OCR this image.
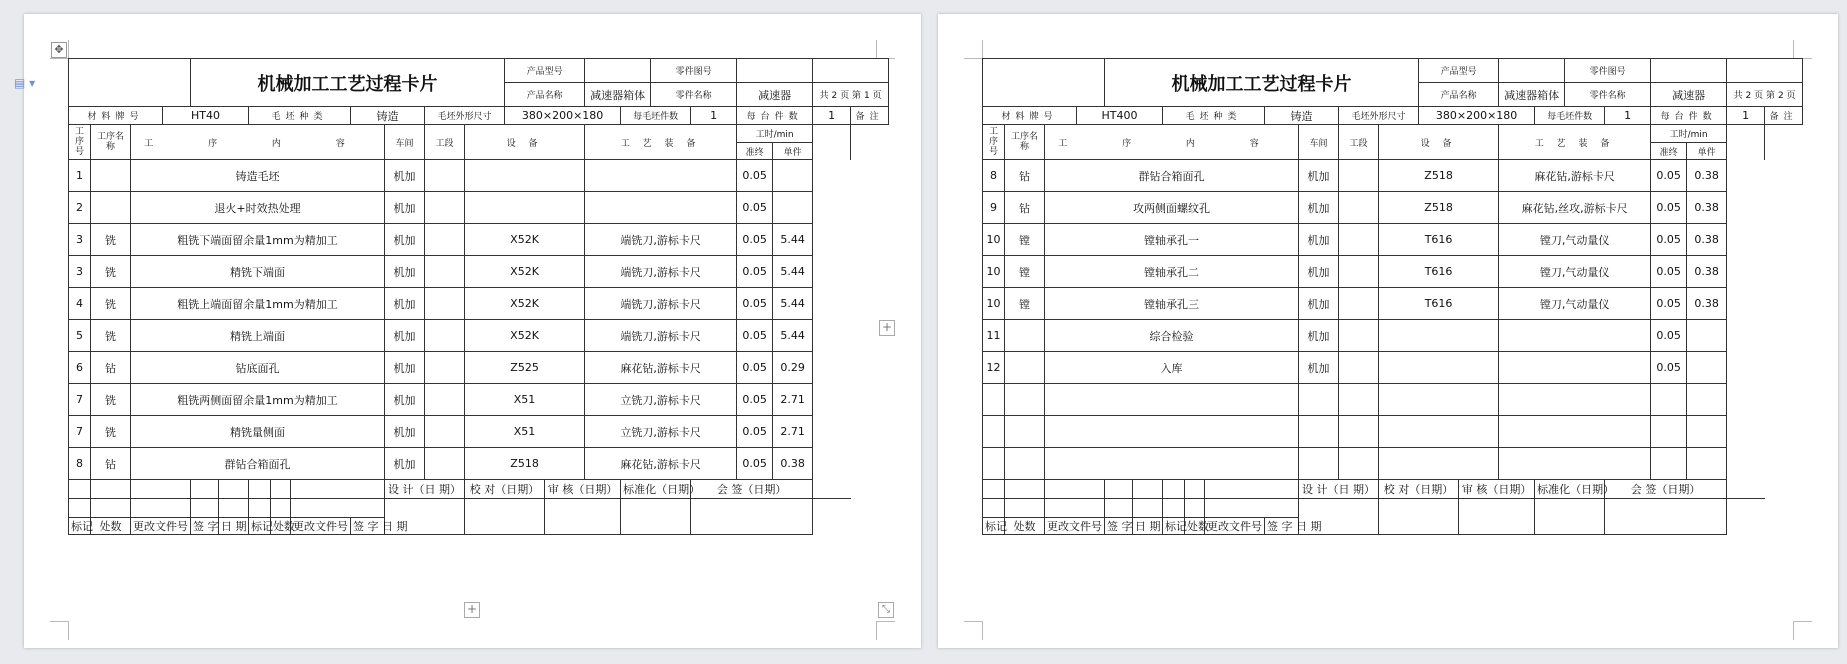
				机械加工工艺过程卡片									产品型号				零件图号					
													产品名称		减速器箱体		零件名称		减速器		共 2 页 第 1 页	
材料牌号			HT40			毛坯种类			铸造		毛坯外形尺寸		380×200×180			每毛坯件数		1	每台件数		1	备注
工序号	工序名称	工 序 内 容								车间	工段	设 备			工 艺 装 备				工时/min			
																			准终	单件		
1		铸造毛坯								机加									0.05			
2		退火+时效热处理								机加									0.05			
3	铣	粗铣下端面留余量1mm为精加工								机加		X52K			端铣刀,游标卡尺				0.05	5.44		
3	铣	精铣下端面								机加		X52K			端铣刀,游标卡尺				0.05	5.44		
4	铣	粗铣上端面留余量1mm为精加工								机加		X52K			端铣刀,游标卡尺				0.05	5.44		
5	铣	精铣上端面								机加		X52K			端铣刀,游标卡尺				0.05	5.44		
6	钻	钻底面孔								机加		Z525			麻花钻,游标卡尺				0.05	0.29		
7	铣	粗铣两侧面留余量1mm为精加工								机加		X51			立铣刀,游标卡尺				0.05	2.71		
7	铣	精铣量侧面								机加		X51			立铣刀,游标卡尺				0.05	2.71		
8	钻	群钻合箱面孔								机加		Z518			麻花钻,游标卡尺				0.05	0.38		
										设 计（日 期）		校 对（日期）		审 核（日期）		标准化（日期）		会 签（日期）				

标记	处数	更改文件号		签 字	日 期	标记	处数	更改文件号	签 字 日 期													
				机械加工工艺过程卡片									产品型号				零件图号					
													产品名称		减速器箱体		零件名称		减速器		共 2 页 第 2 页	
材料牌号			HT400			毛坯种类			铸造		毛坯外形尺寸		380×200×180			每毛坯件数		1	每台件数		1	备注
工序号	工序名称	工 序 内 容								车间	工段	设 备			工 艺 装 备				工时/min			
																			准终	单件		
8	钻	群钻合箱面孔								机加		Z518			麻花钻,游标卡尺				0.05	0.38		
9	钻	攻两侧面螺纹孔								机加		Z518			麻花钻,丝攻,游标卡尺				0.05	0.38		
10	镗	镗轴承孔一								机加		T616			镗刀,气动量仪				0.05	0.38		
10	镗	镗轴承孔二								机加		T616			镗刀,气动量仪				0.05	0.38		
10	镗	镗轴承孔三								机加		T616			镗刀,气动量仪				0.05	0.38		
11		综合检验								机加									0.05			
12		入库								机加									0.05			

										设 计（日 期）		校 对（日期）		审 核（日期）		标准化（日期）		会 签（日期）				

标记	处数	更改文件号		签 字	日 期	标记	处数	更改文件号	签 字 日 期													
✥
▤ ▾
+
+	⤡
